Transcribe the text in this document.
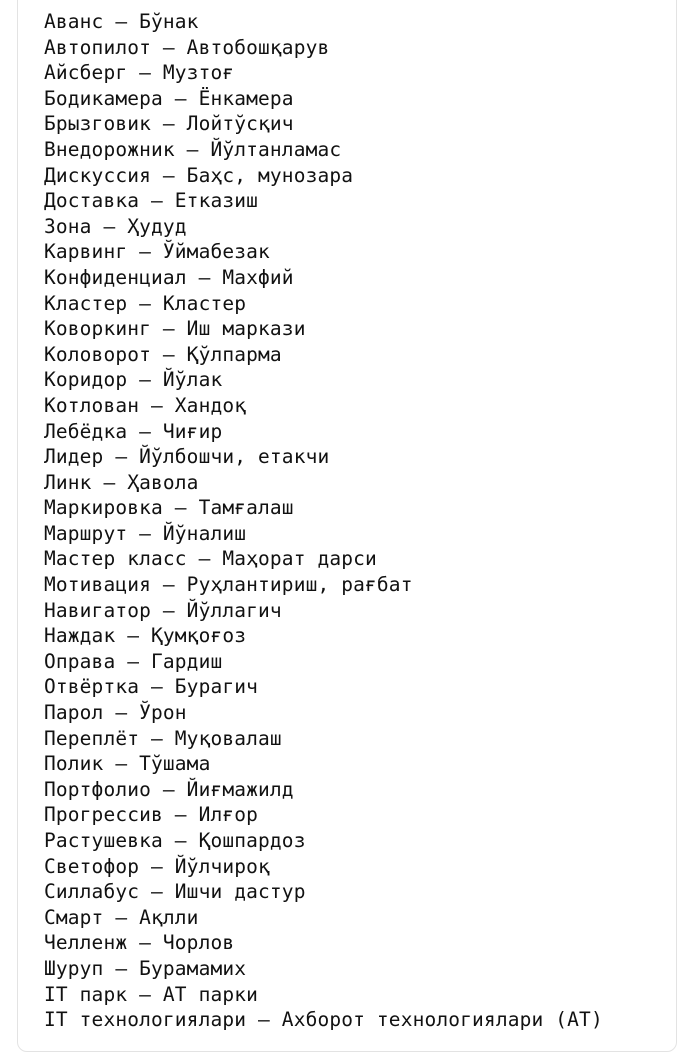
Аванс — Бўнак
Автопилот — Автобошқарув
Айсберг — Музтоғ
Бодикамера — Ёнкамера
Брызговик — Лойтўсқич
Внедорожник — Йўлтанламас
Дискуссия — Баҳс, мунозара
Доставка — Етказиш
Зона — Ҳудуд
Карвинг — Ўймабезак
Конфиденциал — Махфий
Кластер — Кластер
Коворкинг — Иш маркази
Коловорот — Қўлпарма
Коридор — Йўлак
Котлован — Хандоқ
Лебёдка — Чиғир
Лидер — Йўлбошчи, етакчи
Линк — Ҳавола
Маркировка — Тамғалаш
Маршрут — Йўналиш
Мастер класс — Маҳорат дарси
Мотивация — Руҳлантириш, рағбат
Навигатор — Йўллагич
Наждак — Қумқоғоз
Оправа — Гардиш
Отвёртка — Бурагич
Парол — Ўрон
Переплёт — Муқовалаш
Полик — Тўшама
Портфолио — Йиғмажилд
Прогрессив — Илғор
Растушевка — Қошпардоз
Светофор — Йўлчироқ
Силлабус — Ишчи дастур
Смарт — Ақлли
Челленж — Чорлов
Шуруп — Бурамамих
IT парк — АТ парки
IT технологиялари — Ахборот технологиялари (АТ)
